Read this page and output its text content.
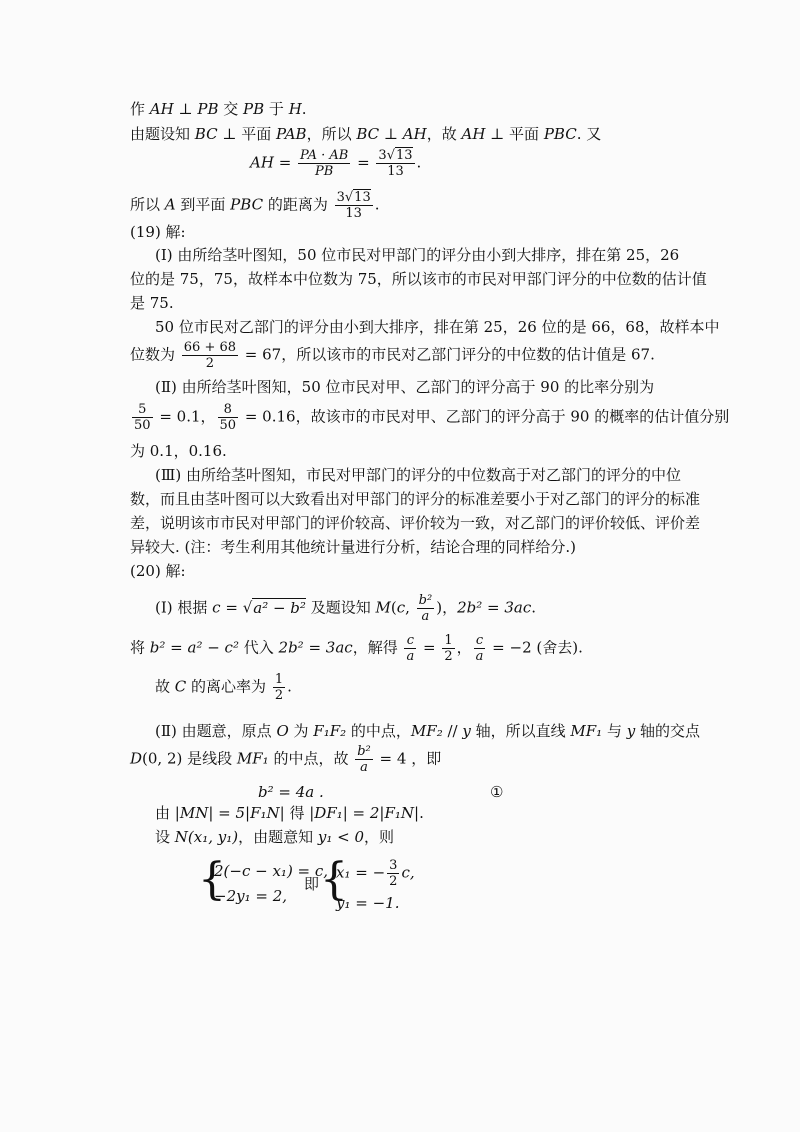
作 AH ⊥ PB 交 PB 于 H.
由题设知 BC ⊥ 平面 PAB，所以 BC ⊥ AH，故 AH ⊥ 平面 PBC. 又
AH = $\frac{PA \cdot AB}{PB} = \frac{3√13}{13}$ .
所以 A 到平面 PBC 的距离为 $\frac{3√13}{13}$ .
(19) 解:
(Ⅰ) 由所给茎叶图知，50 位市民对甲部门的评分由小到大排序，排在第 25，26
位的是 75，75，故样本中位数为 75，所以该市的市民对甲部门评分的中位数的估计值
是 75.
50 位市民对乙部门的评分由小到大排序，排在第 25，26 位的是 66，68，故样本中
位数为 $\frac{66 + 68}{2} = 67$，所以该市的市民对乙部门评分的中位数的估计值是 67.
(Ⅱ) 由所给茎叶图知，50 位市民对甲、乙部门的评分高于 90 的比率分别为
$\frac{5}{50} = 0.1$， $\frac{8}{50} = 0.16$，故该市的市民对甲、乙部门的评分高于 90 的概率的估计值分别
为 0.1，0.16.
(Ⅲ) 由所给茎叶图知，市民对甲部门的评分的中位数高于对乙部门的评分的中位
数，而且由茎叶图可以大致看出对甲部门的评分的标准差要小于对乙部门的评分的标准
差，说明该市市民对甲部门的评价较高、评价较为一致，对乙部门的评价较低、评价差
异较大. (注：考生利用其他统计量进行分析，结论合理的同样给分.)
(20) 解:
(Ⅰ) 根据 c = √a² − b² 及题设知 M(c, $\frac{\text{b²}}{a}$ )，2b² = 3ac.
将 b² = a² − c² 代入 2b² = 3ac，解得 $\frac{c}{a} = \frac{1}{2}$ ， $\frac{c}{a} = -2$ (舍去).
故 C 的离心率为 $\frac{1}{2}$ .
(Ⅱ) 由题意，原点 O 为 F₁F₂ 的中点，MF₂ // y 轴，所以直线 MF₁ 与 y 轴的交点
D(0, 2) 是线段 MF₁ 的中点，故 $\frac{\text{b²}}{a} = 4$ ，即
b² = 4a .	①
由 |MN| = 5|F₁N| 得 |DF₁| = 2|F₁N|.
设 N(x₁, y₁)，由题意知 y₁ < 0，则
{
2(−c − x₁) = c,
−2y₁ = 2,
即 {
x₁ = − $\frac{3}{2} c$,
y₁ = −1.
